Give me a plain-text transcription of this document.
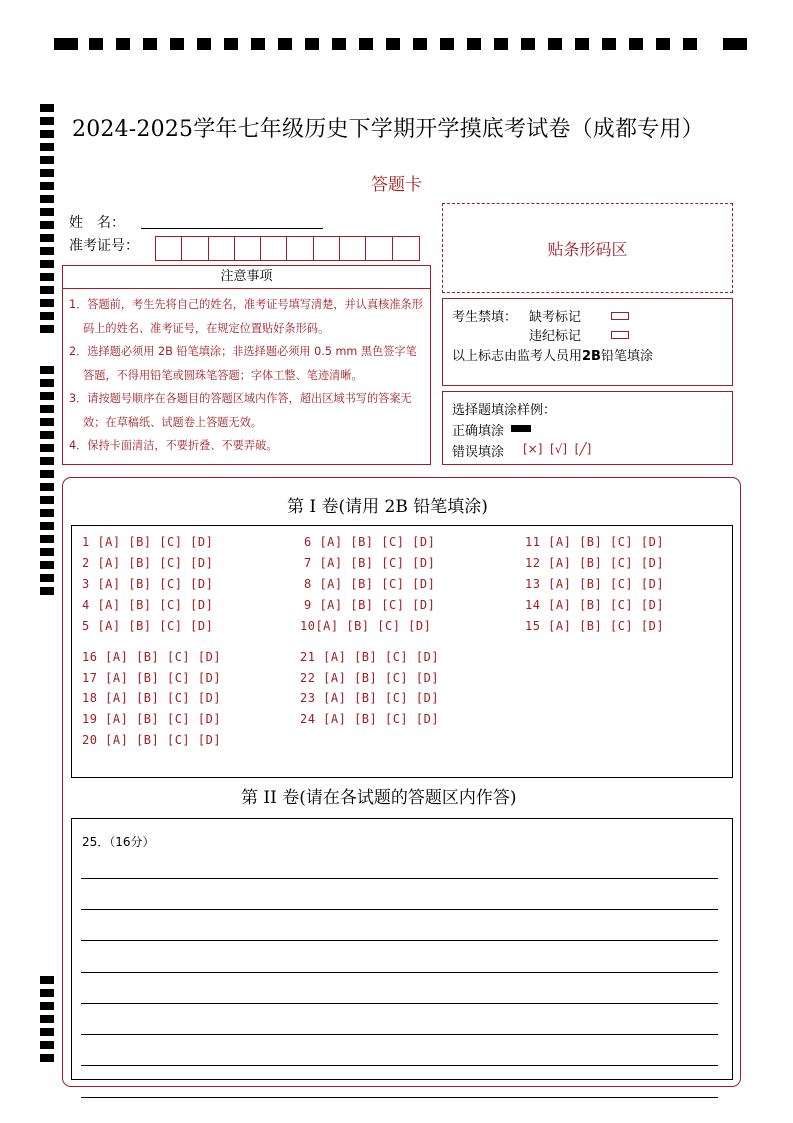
2024-2025学年七年级历史下学期开学摸底考试卷（成都专用）
答题卡
姓　名：
准考证号：	贴条形码区
注意事项

1．答题前，考生先将自己的姓名，准考证号填写清楚，并认真核准条形码上的姓名、准考证号，在规定位置贴好条形码。

2．选择题必须用 2B 铅笔填涂；非选择题必须用 0.5 mm 黑色签字笔答题，不得用铅笔或圆珠笔答题；字体工整、笔迹清晰。

3．请按题号顺序在各题目的答题区域内作答，超出区域书写的答案无效；在草稿纸、试题卷上答题无效。

4．保持卡面清洁，不要折叠、不要弄破。

考生禁填： 缺考标记
违纪标记
以上标志由监考人员用2B铅笔填涂
选择题填涂样例：
正确填涂
错误填涂 [×]  [√]  [╱]
第 I 卷(请用 2B 铅笔填涂)
1 [A] [B] [C] [D]
2 [A] [B] [C] [D]
3 [A] [B] [C] [D]
4 [A] [B] [C] [D]
5 [A] [B] [C] [D]
6 [A] [B] [C] [D]
7 [A] [B] [C] [D]
8 [A] [B] [C] [D]
9 [A] [B] [C] [D]
10[A] [B] [C] [D]
11 [A] [B] [C] [D]
12 [A] [B] [C] [D]
13 [A] [B] [C] [D]
14 [A] [B] [C] [D]
15 [A] [B] [C] [D]
16 [A] [B] [C] [D]
17 [A] [B] [C] [D]
18 [A] [B] [C] [D]
19 [A] [B] [C] [D]
20 [A] [B] [C] [D]
21 [A] [B] [C] [D]
22 [A] [B] [C] [D]
23 [A] [B] [C] [D]
24 [A] [B] [C] [D]
第 II 卷(请在各试题的答题区内作答)
25．（16分）
